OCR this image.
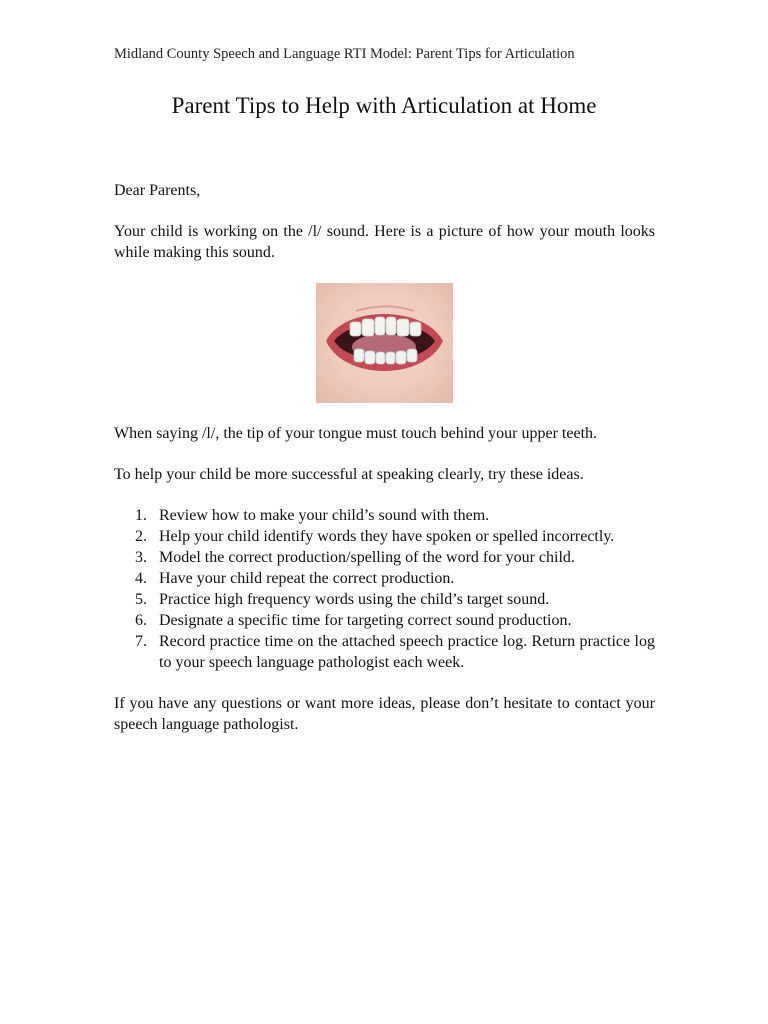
Midland County Speech and Language RTI Model: Parent Tips for Articulation
Parent Tips to Help with Articulation at Home

Dear Parents,

Your child is working on the /l/ sound. Here is a picture of how your mouth looks while making this sound.

When saying /l/, the tip of your tongue must touch behind your upper teeth.

To help your child be more successful at speaking clearly, try these ideas.

1. Review how to make your child’s sound with them.
2. Help your child identify words they have spoken or spelled incorrectly.
3. Model the correct production/spelling of the word for your child.
4. Have your child repeat the correct production.
5. Practice high frequency words using the child’s target sound.
6. Designate a specific time for targeting correct sound production.
7. Record practice time on the attached speech practice log. Return practice log to your speech language pathologist each week.

If you have any questions or want more ideas, please don’t hesitate to contact your speech language pathologist.
